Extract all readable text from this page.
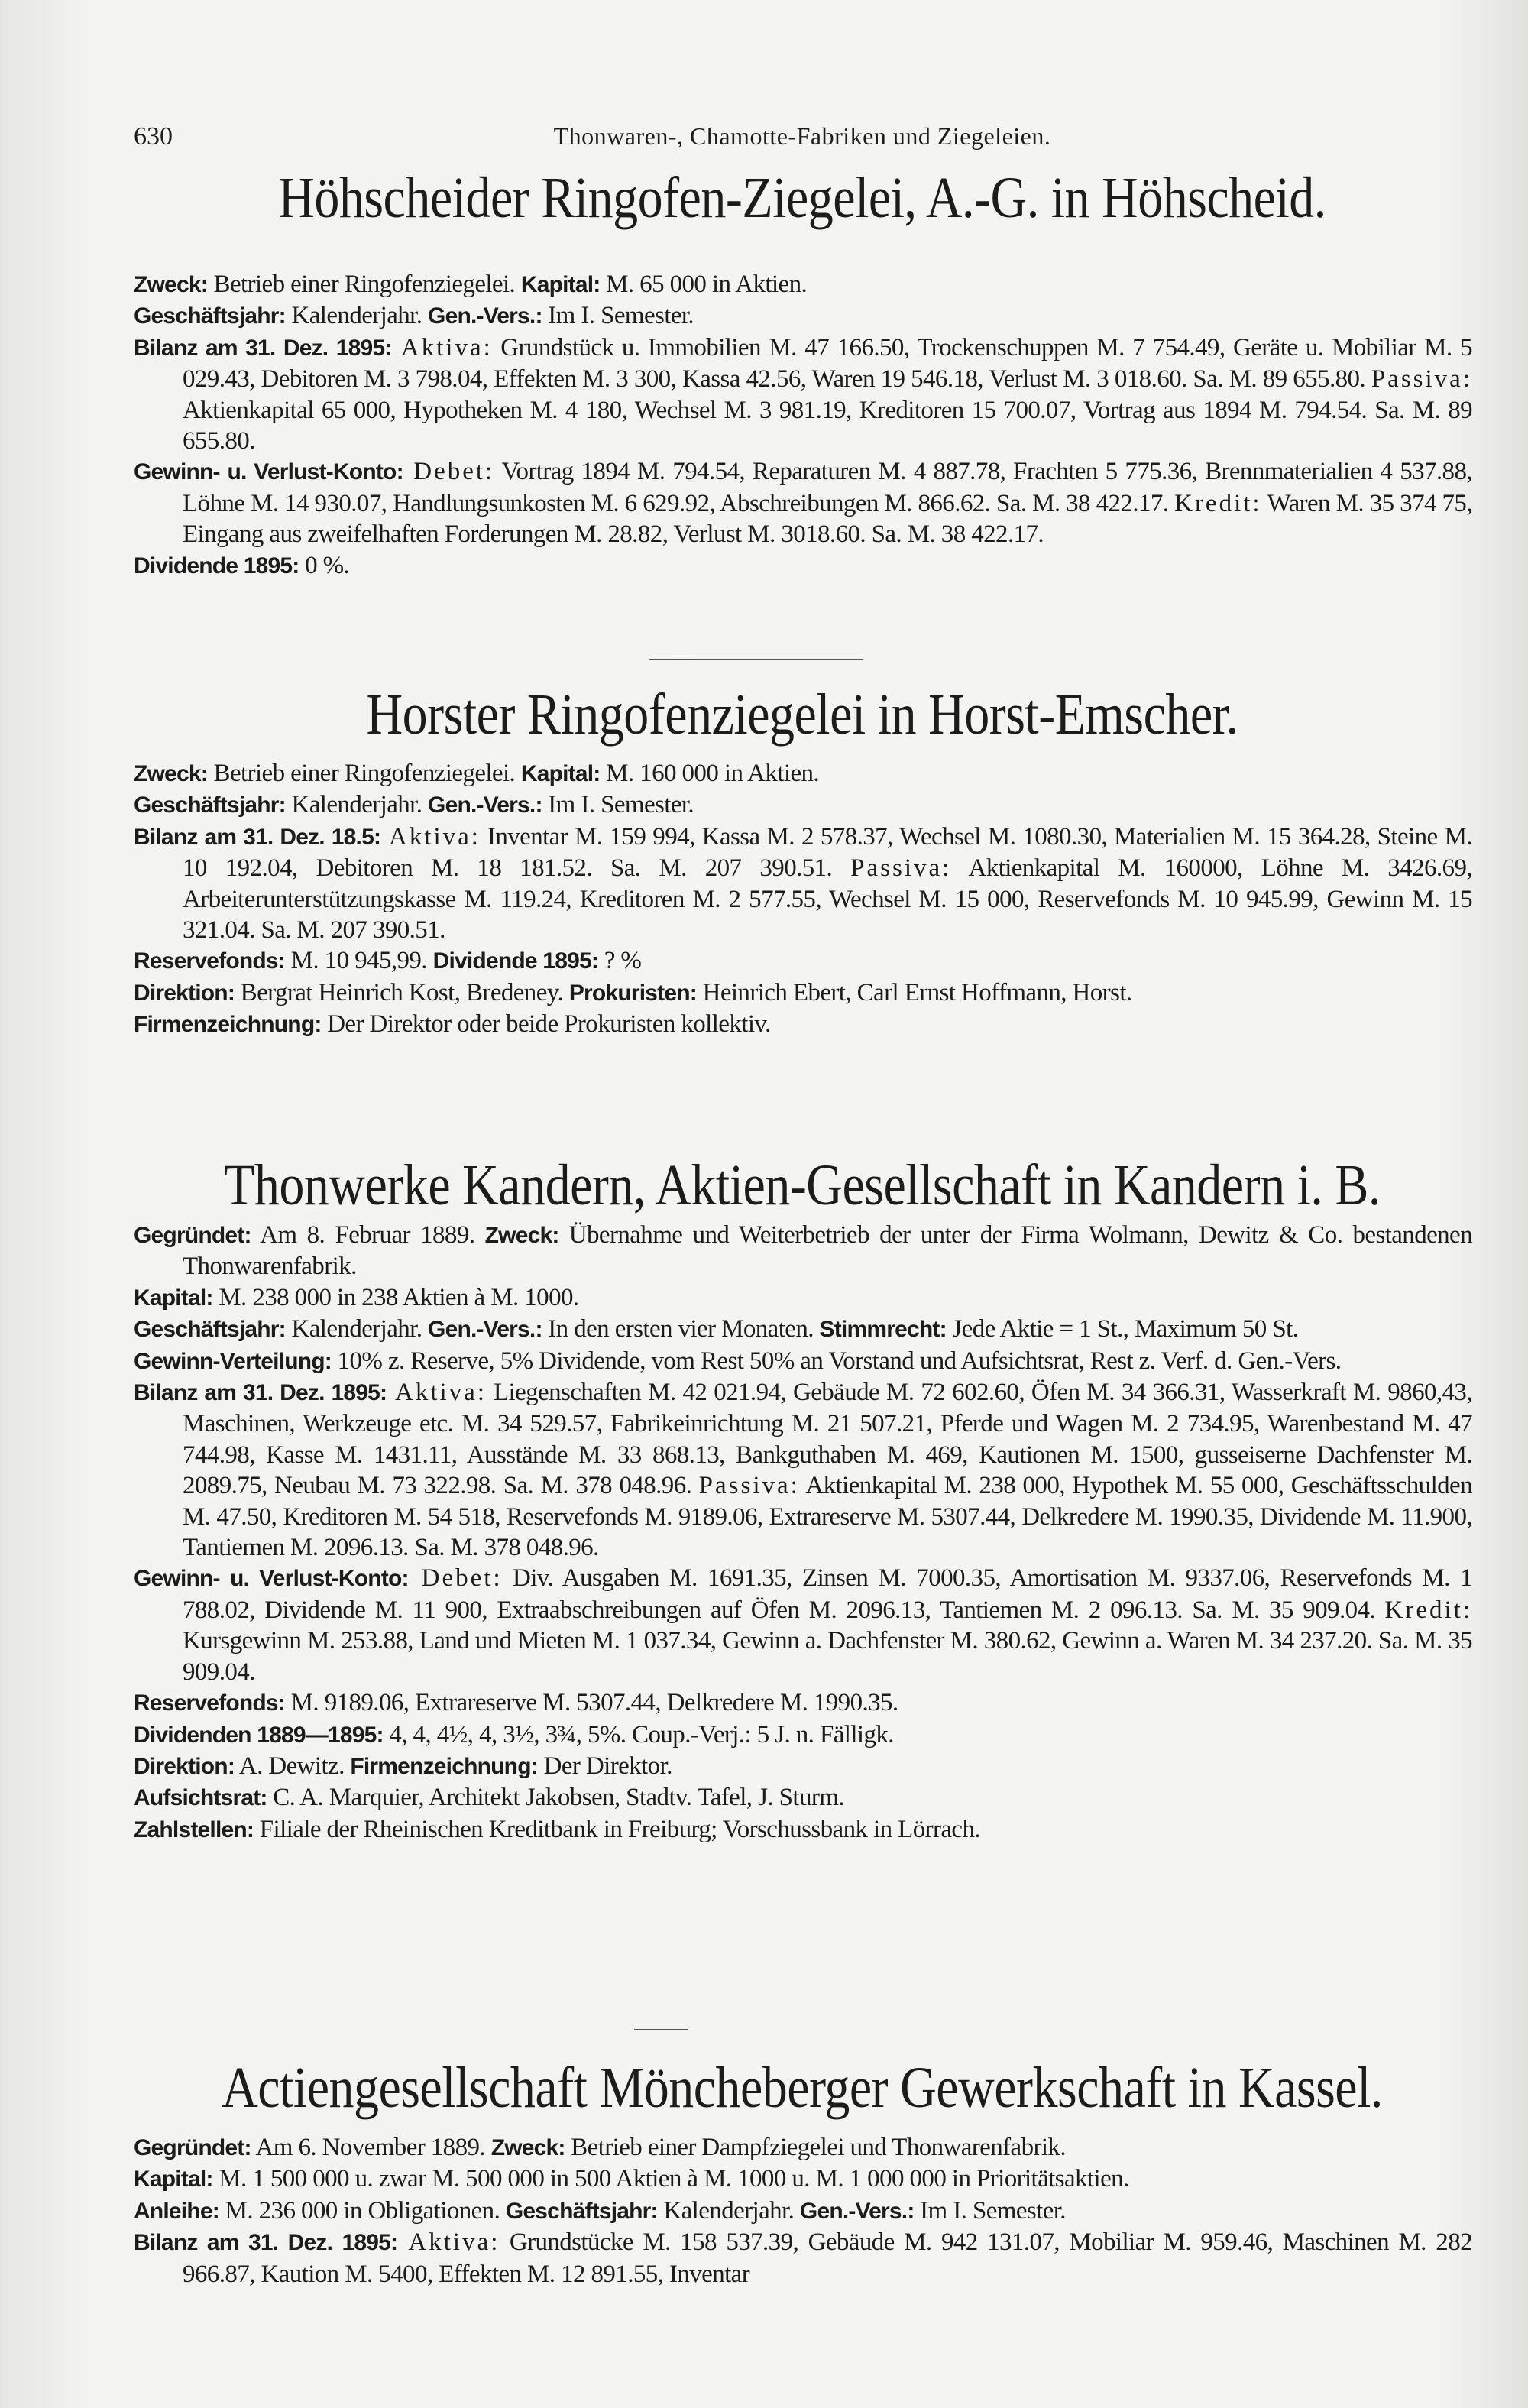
630	Thonwaren-, Chamotte-Fabriken und Ziegeleien.
Höhscheider Ringofen-Ziegelei, A.-G. in Höhscheid.

Zweck: Betrieb einer Ringofenziegelei. Kapital: M. 65 000 in Aktien.

Geschäftsjahr: Kalenderjahr. Gen.-Vers.: Im I. Semester.

Bilanz am 31. Dez. 1895: Aktiva: Grundstück u. Immobilien M. 47 166.50, Trockenschuppen M. 7 754.49, Geräte u. Mobiliar M. 5 029.43, Debitoren M. 3 798.04, Effekten M. 3 300, Kassa 42.56, Waren 19 546.18, Verlust M. 3 018.60. Sa. M. 89 655.80. Passiva: Aktienkapital 65 000, Hypotheken M. 4 180, Wechsel M. 3 981.19, Kreditoren 15 700.07, Vortrag aus 1894 M. 794.54. Sa. M. 89 655.80.

Gewinn- u. Verlust-Konto: Debet: Vortrag 1894 M. 794.54, Reparaturen M. 4 887.78, Frachten 5 775.36, Brennmaterialien 4 537.88, Löhne M. 14 930.07, Handlungsunkosten M. 6 629.92, Abschreibungen M. 866.62. Sa. M. 38 422.17. Kredit: Waren M. 35 374 75, Eingang aus zweifelhaften Forderungen M. 28.82, Verlust M. 3018.60. Sa. M. 38 422.17.

Dividende 1895: 0 %.

Horster Ringofenziegelei in Horst-Emscher.

Zweck: Betrieb einer Ringofenziegelei. Kapital: M. 160 000 in Aktien.

Geschäftsjahr: Kalenderjahr. Gen.-Vers.: Im I. Semester.

Bilanz am 31. Dez. 18.5: Aktiva: Inventar M. 159 994, Kassa M. 2 578.37, Wechsel M. 1080.30, Materialien M. 15 364.28, Steine M. 10 192.04, Debitoren M. 18 181.52. Sa. M. 207 390.51. Passiva: Aktienkapital M. 160000, Löhne M. 3426.69, Arbeiterunterstützungskasse M. 119.24, Kreditoren M. 2 577.55, Wechsel M. 15 000, Reservefonds M. 10 945.99, Gewinn M. 15 321.04. Sa. M. 207 390.51.

Reservefonds: M. 10 945,99. Dividende 1895: ? %

Direktion: Bergrat Heinrich Kost, Bredeney. Prokuristen: Heinrich Ebert, Carl Ernst Hoffmann, Horst.

Firmenzeichnung: Der Direktor oder beide Prokuristen kollektiv.

Thonwerke Kandern, Aktien-Gesellschaft in Kandern i. B.

Gegründet: Am 8. Februar 1889. Zweck: Übernahme und Weiterbetrieb der unter der Firma Wolmann, Dewitz & Co. bestandenen Thonwarenfabrik.

Kapital: M. 238 000 in 238 Aktien à M. 1000.

Geschäftsjahr: Kalenderjahr. Gen.-Vers.: In den ersten vier Monaten. Stimmrecht: Jede Aktie = 1 St., Maximum 50 St.

Gewinn-Verteilung: 10% z. Reserve, 5% Dividende, vom Rest 50% an Vorstand und Aufsichtsrat, Rest z. Verf. d. Gen.-Vers.

Bilanz am 31. Dez. 1895: Aktiva: Liegenschaften M. 42 021.94, Gebäude M. 72 602.60, Öfen M. 34 366.31, Wasserkraft M. 9860,43, Maschinen, Werkzeuge etc. M. 34 529.57, Fabrikeinrichtung M. 21 507.21, Pferde und Wagen M. 2 734.95, Warenbestand M. 47 744.98, Kasse M. 1431.11, Ausstände M. 33 868.13, Bankguthaben M. 469, Kautionen M. 1500, gusseiserne Dachfenster M. 2089.75, Neubau M. 73 322.98. Sa. M. 378 048.96. Passiva: Aktienkapital M. 238 000, Hypothek M. 55 000, Geschäftsschulden M. 47.50, Kreditoren M. 54 518, Reservefonds M. 9189.06, Extrareserve M. 5307.44, Delkredere M. 1990.35, Dividende M. 11.900, Tantiemen M. 2096.13. Sa. M. 378 048.96.

Gewinn- u. Verlust-Konto: Debet: Div. Ausgaben M. 1691.35, Zinsen M. 7000.35, Amortisation M. 9337.06, Reservefonds M. 1 788.02, Dividende M. 11 900, Extraabschreibungen auf Öfen M. 2096.13, Tantiemen M. 2 096.13. Sa. M. 35 909.04. Kredit: Kursgewinn M. 253.88, Land und Mieten M. 1 037.34, Gewinn a. Dachfenster M. 380.62, Gewinn a. Waren M. 34 237.20. Sa. M. 35 909.04.

Reservefonds: M. 9189.06, Extrareserve M. 5307.44, Delkredere M. 1990.35.

Dividenden 1889—1895: 4, 4, 4½, 4, 3½, 3¾, 5%. Coup.-Verj.: 5 J. n. Fälligk.

Direktion: A. Dewitz. Firmenzeichnung: Der Direktor.

Aufsichtsrat: C. A. Marquier, Architekt Jakobsen, Stadtv. Tafel, J. Sturm.

Zahlstellen: Filiale der Rheinischen Kreditbank in Freiburg; Vorschussbank in Lörrach.

Actiengesellschaft Möncheberger Gewerkschaft in Kassel.

Gegründet: Am 6. November 1889. Zweck: Betrieb einer Dampfziegelei und Thonwarenfabrik.

Kapital: M. 1 500 000 u. zwar M. 500 000 in 500 Aktien à M. 1000 u. M. 1 000 000 in Prioritätsaktien.

Anleihe: M. 236 000 in Obligationen. Geschäftsjahr: Kalenderjahr. Gen.-Vers.: Im I. Semester.

Bilanz am 31. Dez. 1895: Aktiva: Grundstücke M. 158 537.39, Gebäude M. 942 131.07, Mobiliar M. 959.46, Maschinen M. 282 966.87, Kaution M. 5400, Effekten M. 12 891.55, Inventar
